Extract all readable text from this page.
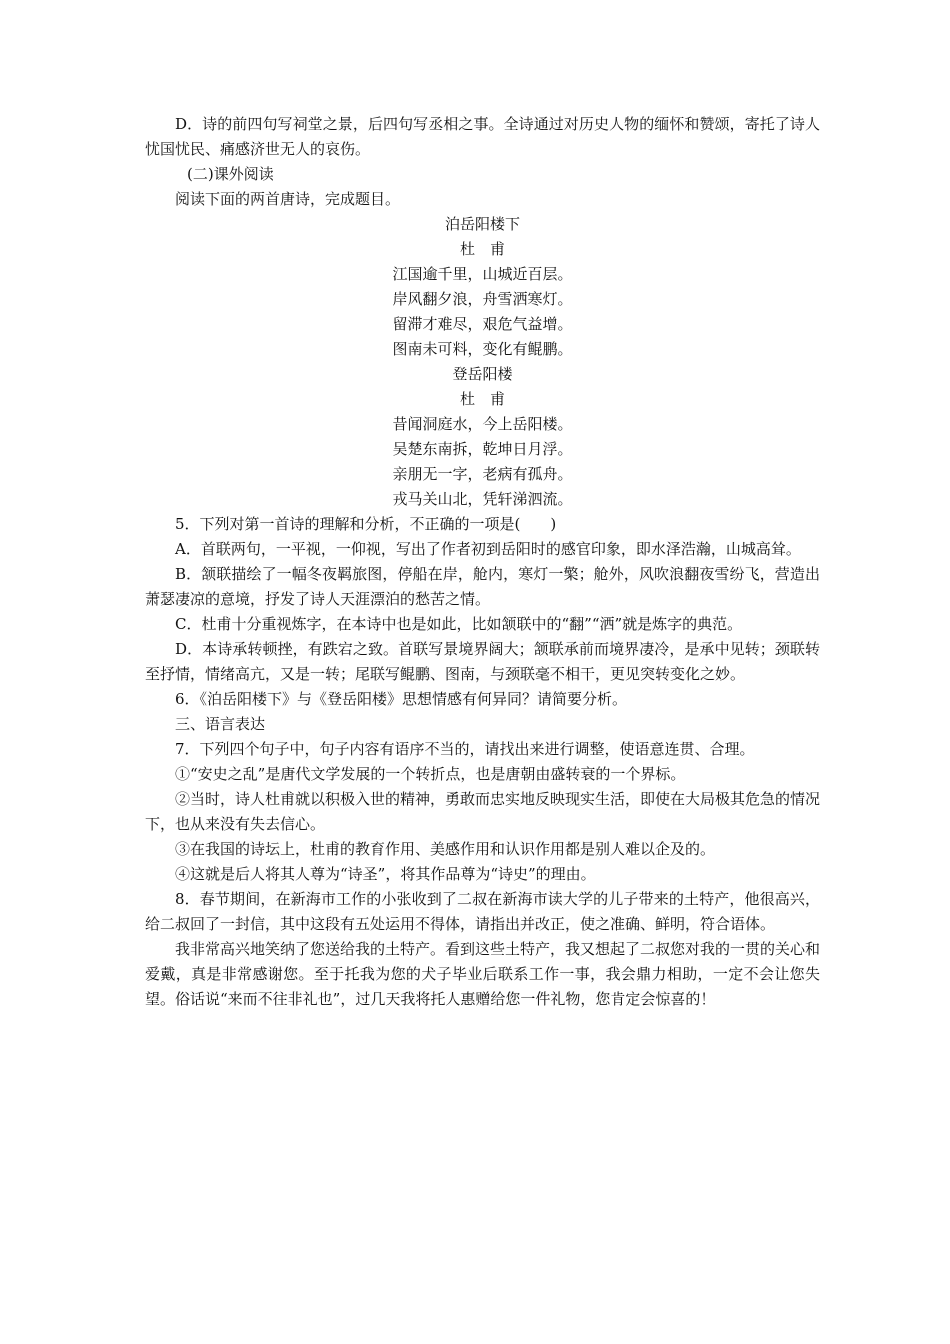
D．诗的前四句写祠堂之景，后四句写丞相之事。全诗通过对历史人物的缅怀和赞颂，寄托了诗人忧国忧民、痛感济世无人的哀伤。

(二)课外阅读

阅读下面的两首唐诗，完成题目。

泊岳阳楼下

杜甫

江国逾千里，山城近百层。

岸风翻夕浪，舟雪洒寒灯。

留滞才难尽，艰危气益增。

图南未可料，变化有鲲鹏。

登岳阳楼

杜甫

昔闻洞庭水，今上岳阳楼。

吴楚东南拆，乾坤日月浮。

亲朋无一字，老病有孤舟。

戎马关山北，凭轩涕泗流。

5．下列对第一首诗的理解和分析，不正确的一项是( )

A．首联两句，一平视，一仰视，写出了作者初到岳阳时的感官印象，即水泽浩瀚，山城高耸。

B．颔联描绘了一幅冬夜羁旅图，停船在岸，舱内，寒灯一檠；舱外，风吹浪翻夜雪纷飞，营造出萧瑟凄凉的意境，抒发了诗人天涯漂泊的愁苦之情。

C．杜甫十分重视炼字，在本诗中也是如此，比如颔联中的“翻”“洒”就是炼字的典范。

D．本诗承转顿挫，有跌宕之致。首联写景境界阔大；颔联承前而境界凄冷，是承中见转；颈联转至抒情，情绪高亢，又是一转；尾联写鲲鹏、图南，与颈联毫不相干，更见突转变化之妙。

6．《泊岳阳楼下》与《登岳阳楼》思想情感有何异同？请简要分析。

三、语言表达

7．下列四个句子中，句子内容有语序不当的，请找出来进行调整，使语意连贯、合理。

①“安史之乱”是唐代文学发展的一个转折点，也是唐朝由盛转衰的一个界标。

②当时，诗人杜甫就以积极入世的精神，勇敢而忠实地反映现实生活，即使在大局极其危急的情况下，也从来没有失去信心。

③在我国的诗坛上，杜甫的教育作用、美感作用和认识作用都是别人难以企及的。

④这就是后人将其人尊为“诗圣”，将其作品尊为“诗史”的理由。

8．春节期间，在新海市工作的小张收到了二叔在新海市读大学的儿子带来的土特产，他很高兴，给二叔回了一封信，其中这段有五处运用不得体，请指出并改正，使之准确、鲜明，符合语体。

我非常高兴地笑纳了您送给我的土特产。看到这些土特产，我又想起了二叔您对我的一贯的关心和爱戴，真是非常感谢您。至于托我为您的犬子毕业后联系工作一事，我会鼎力相助，一定不会让您失望。俗话说“来而不往非礼也”，过几天我将托人惠赠给您一件礼物，您肯定会惊喜的！
